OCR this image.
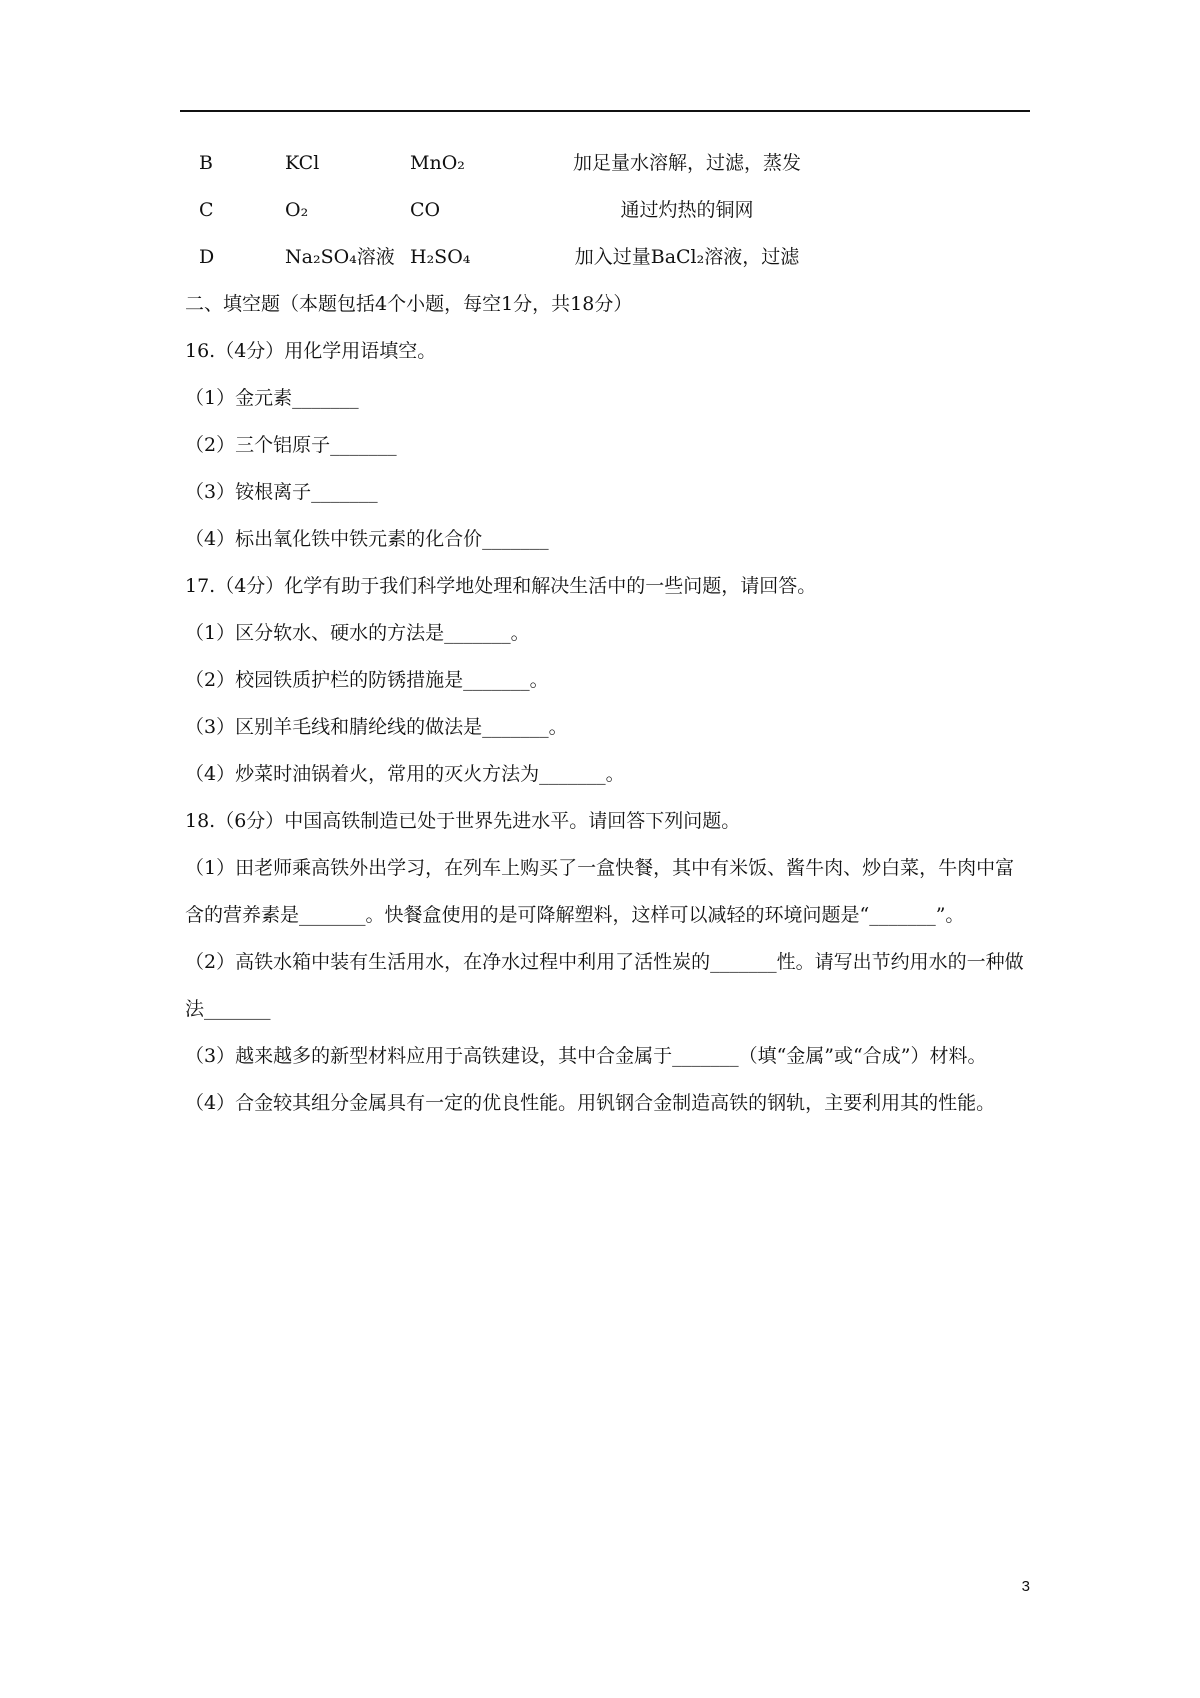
B	KCl	MnO₂	加足量水溶解，过滤，蒸发
C	O₂	CO	通过灼热的铜网
D	Na₂SO₄溶液 H₂SO₄	加入过量BaCl₂溶液，过滤
二、填空题（本题包括4个小题，每空1分，共18分）
16.（4分）用化学用语填空。
（1）金元素_______
（2）三个铝原子_______
（3）铵根离子_______
（4）标出氧化铁中铁元素的化合价_______
17.（4分）化学有助于我们科学地处理和解决生活中的一些问题，请回答。
（1）区分软水、硬水的方法是_______。
（2）校园铁质护栏的防锈措施是_______。
（3）区别羊毛线和腈纶线的做法是_______。
（4）炒菜时油锅着火，常用的灭火方法为_______。
18.（6分）中国高铁制造已处于世界先进水平。请回答下列问题。
（1）田老师乘高铁外出学习，在列车上购买了一盒快餐，其中有米饭、酱牛肉、炒白菜，牛肉中富含的营养素是_______。快餐盒使用的是可降解塑料，这样可以减轻的环境问题是“_______”。
（2）高铁水箱中装有生活用水，在净水过程中利用了活性炭的_______性。请写出节约用水的一种做法_______
（3）越来越多的新型材料应用于高铁建设，其中合金属于_______（填“金属”或“合成”）材料。
（4）合金较其组分金属具有一定的优良性能。用钒钢合金制造高铁的钢轨，主要利用其的性能。
3
